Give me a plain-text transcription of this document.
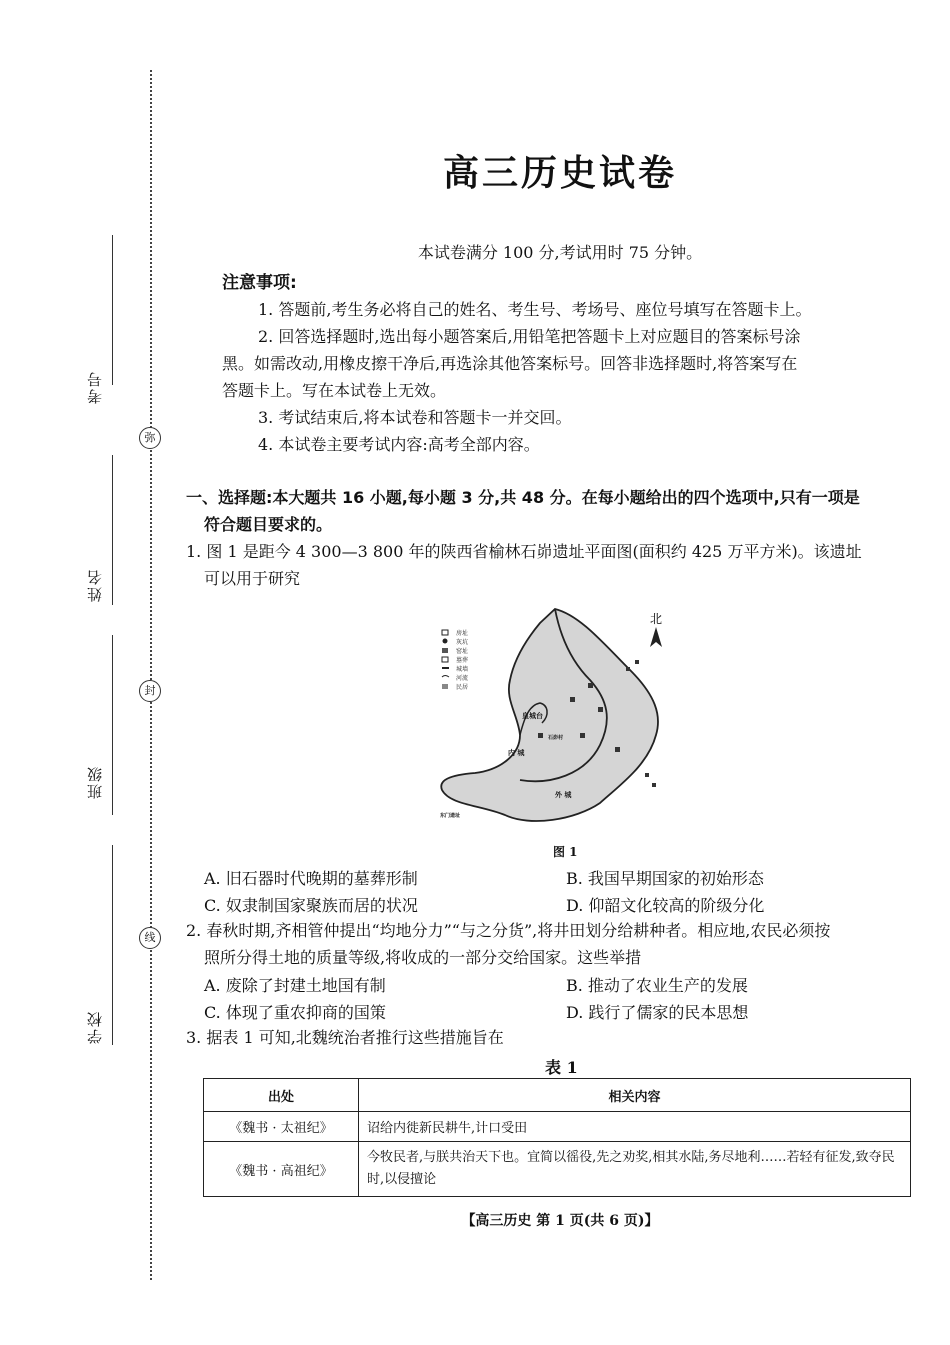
弥
封
线
考号
姓名
班级
学校
高三历史试卷
本试卷满分 100 分,考试用时 75 分钟。
注意事项:
1. 答题前,考生务必将自己的姓名、考生号、考场号、座位号填写在答题卡上。
2. 回答选择题时,选出每小题答案后,用铅笔把答题卡上对应题目的答案标号涂
黑。如需改动,用橡皮擦干净后,再选涂其他答案标号。回答非选择题时,将答案写在
答题卡上。写在本试卷上无效。
3. 考试结束后,将本试卷和答题卡一并交回。
4. 本试卷主要考试内容:高考全部内容。
一、选择题:本大题共 16 小题,每小题 3 分,共 48 分。在每小题给出的四个选项中,只有一项是
符合题目要求的。
1. 图 1 是距今 4 300—3 800 年的陕西省榆林石峁遗址平面图(面积约 425 万平方米)。该遗址
可以用于研究
房址
灰坑
窑址
墓葬
城墙
河流
民居
北
皇城台
石峁村
内 城
外 城
东门遗址
图 1
A. 旧石器时代晚期的墓葬形制	B. 我国早期国家的初始形态
C. 奴隶制国家聚族而居的状况	D. 仰韶文化较高的阶级分化
2. 春秋时期,齐相管仲提出“均地分力”“与之分货”,将井田划分给耕种者。相应地,农民必须按
照所分得土地的质量等级,将收成的一部分交给国家。这些举措
A. 废除了封建土地国有制	B. 推动了农业生产的发展
C. 体现了重农抑商的国策	D. 践行了儒家的民本思想
3. 据表 1 可知,北魏统治者推行这些措施旨在
表 1
出处	相关内容
《魏书 · 太祖纪》	诏给内徙新民耕牛,计口受田
《魏书 · 高祖纪》	今牧民者,与朕共治天下也。宜简以徭役,先之劝奖,相其水陆,务尽地利……若轻有征发,致夺民时,以侵擅论
【高三历史 第 1 页(共 6 页)】
